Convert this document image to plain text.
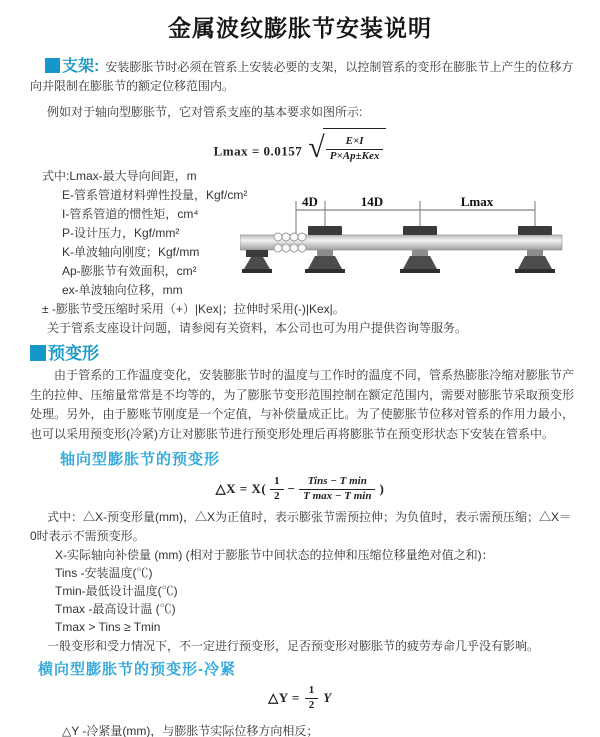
金属波纹膨胀节安装说明

支架: 安装膨胀节时必须在管系上安装必要的支架，以控制管系的变形在膨胀节上产生的位移方向并限制在膨胀节的额定位移范围内。

例如对于轴向型膨胀节，它对管系支座的基本要求如图所示:

Lmax = 0.0157 √ $\frac{E\times I}{\text{P×Ap±Kex}}$
式中:Lmax-最大导向间距，m
E-管系管道材料弹性投量，Kgf/cm²
I-管系管道的惯性矩，cm⁴
P-设计压力，Kgf/mm²
K-单波轴向刚度；Kgf/mm
Ap-膨胀节有效面积，cm²
ex-单波轴向位移，mm
± -膨胀节受压缩时采用（+）|Kex|；拉伸时采用(-)|Kex|。

关于管系支座设计问题，请参阅有关资料，本公司也可为用户提供咨询等服务。

4D	14D	Lmax
预变形

由于管系的工作温度变化，安装膨胀节时的温度与工作时的温度不同，管系热膨胀冷缩对膨胀节产生的拉伸、压缩量常常是不均等的，为了膨胀节变形范围控制在额定范围内，需要对膨胀节采取预变形处理。另外，由于膨账节刚度是一个定值，与补偿量成正比。为了使膨胀节位移对管系的作用力最小，也可以采用预变形(冷紧)方让对膨胀节进行预变形处理后再将膨胀节在预变形状态下安装在管系中。

轴向型膨胀节的预变形
△X = $X( \frac{1}{2} - \frac{\text{Tins − T min}}{\text{T max − T min}}$ )

式中：△X-预变形量(mm)，△X为正值时，表示膨张节需预拉伸；为负值时，表示需预压缩；△X＝0时表示不需预变形。

X-实际轴向补偿量 (mm) (相对于膨胀节中间状态的拉伸和压缩位移量绝对值之和)：
Tins -安装温度(℃)
Tmin-最低设计温度(℃)
Tmax -最高设计温 (℃)
Tmax > Tins ≥ Tmin

一般变形和受力情况下，不一定进行预变形，足否预变形对膨胀节的疲劳寿命几乎没有影响。

横向型膨胀节的预变形-冷紧
△Y = $\frac{1}{2}$ Y

△Y -冷紧量(mm)，与膨胀节实际位移方向相反；
